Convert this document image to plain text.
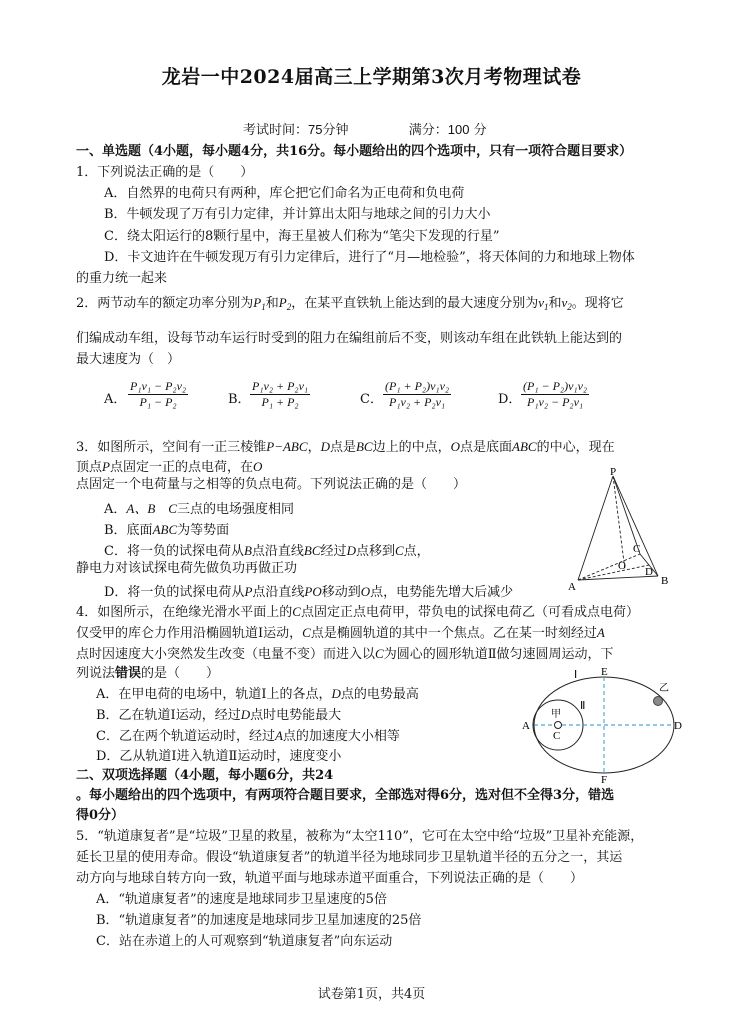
龙岩一中2024届高三上学期第3次月考物理试卷
考试时间：75分钟	满分：100 分
一、单选题（4小题，每小题4分，共16分。每小题给出的四个选项中，只有一项符合题目要求）
1．下列说法正确的是（　　）
A．自然界的电荷只有两种，库仑把它们命名为正电荷和负电荷
B．牛顿发现了万有引力定律，并计算出太阳与地球之间的引力大小
C．绕太阳运行的8颗行星中，海王星被人们称为“笔尖下发现的行星”
D．卡文迪许在牛顿发现万有引力定律后，进行了“月—地检验”，将天体间的力和地球上物体
的重力统一起来
2．两节动车的额定功率分别为$P_1$和$P_2$，在某平直铁轨上能达到的最大速度分别为$v_1$和$v_2$。现将它
们编成动车组，设每节动车运行时受到的阻力在编组前后不变，则该动车组在此铁轨上能达到的
最大速度为（　）
A． $\frac{\text{P₁v₁ − P₂v₂}}{\text{P₁ − P₂}}$	B． $\frac{\text{P₁v₂ + P₂v₁}}{\text{P₁ + P₂}}$	C． $\frac{\text{(P₁ + P₂)v₁v₂}}{\text{P₁v₂ + P₂v₁}}$	D． $\frac{\text{(P₁ − P₂)v₁v₂}}{\text{P₁v₂ − P₂v₁}}$
3．如图所示，空间有一正三棱锥P−ABC，D点是BC边上的中点，O点是底面ABC的中心，现在
顶点P点固定一正的点电荷，在O
点固定一个电荷量与之相等的负点电荷。下列说法正确的是（　　）
A．A、B　C三点的电场强度相同
B．底面ABC为等势面
C．将一负的试探电荷从B点沿直线BC经过D点移到C点，
静电力对该试探电荷先做负功再做正功
D．将一负的试探电荷从P点沿直线PO移动到O点，电势能先增大后减少
P
A	B
C
D
O
4．如图所示，在绝缘光滑水平面上的C点固定正点电荷甲，带负电的试探电荷乙（可看成点电荷）
仅受甲的库仑力作用沿椭圆轨道Ⅰ运动，C点是椭圆轨道的其中一个焦点。乙在某一时刻经过A
点时因速度大小突然发生改变（电量不变）而进入以C为圆心的圆形轨道Ⅱ做匀速圆周运动，下
列说法错误的是（　　）
A．在甲电荷的电场中，轨道Ⅰ上的各点，D点的电势最高
B．乙在轨道Ⅰ运动，经过D点时电势能最大
C．乙在两个轨道运动时，经过A点的加速度大小相等
D．乙从轨道Ⅰ进入轨道Ⅱ运动时，速度变小
Ⅰ
Ⅱ
E
F
A	D
C
甲
乙
二、双项选择题（4小题，每小题6分，共24
。每小题给出的四个选项中，有两项符合题目要求，全部选对得6分，选对但不全得3分，错选
得0分）
5．“轨道康复者”是“垃圾”卫星的救星，被称为“太空110”，它可在太空中给“垃圾”卫星补充能源，
延长卫星的使用寿命。假设“轨道康复者”的轨道半径为地球同步卫星轨道半径的五分之一，其运
动方向与地球自转方向一致，轨道平面与地球赤道平面重合，下列说法正确的是（　　）
A．“轨道康复者”的速度是地球同步卫星速度的5倍
B．“轨道康复者”的加速度是地球同步卫星加速度的25倍
C．站在赤道上的人可观察到“轨道康复者”向东运动
试卷第1页，共4页
